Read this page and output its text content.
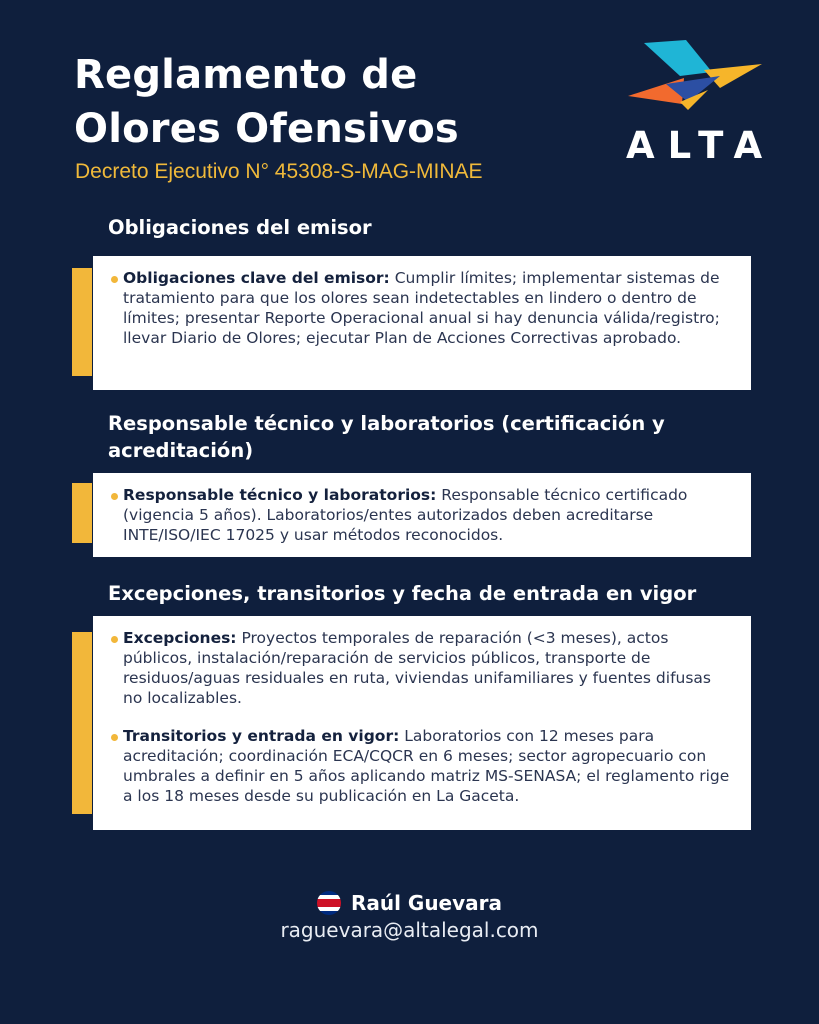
Reglamento de
Olores Ofensivos
Decreto Ejecutivo N° 45308-S-MAG-MINAE
ALTA
Obligaciones del emisor

Obligaciones clave del emisor: Cumplir límites; implementar sistemas de tratamiento para que los olores sean indetectables en lindero o dentro de límites; presentar Reporte Operacional anual si hay denuncia válida/registro; llevar Diario de Olores; ejecutar Plan de Acciones Correctivas aprobado.

Responsable técnico y laboratorios (certificación y acreditación)

Responsable técnico y laboratorios: Responsable técnico certificado (vigencia 5 años). Laboratorios/entes autorizados deben acreditarse INTE/ISO/IEC 17025 y usar métodos reconocidos.

Excepciones, transitorios y fecha de entrada en vigor

Excepciones: Proyectos temporales de reparación (<3 meses), actos públicos, instalación/reparación de servicios públicos, transporte de residuos/aguas residuales en ruta, viviendas unifamiliares y fuentes difusas no localizables.

Transitorios y entrada en vigor: Laboratorios con 12 meses para acreditación; coordinación ECA/CQCR en 6 meses; sector agropecuario con umbrales a definir en 5 años aplicando matriz MS-SENASA; el reglamento rige a los 18 meses desde su publicación en La Gaceta.

Raúl Guevara
raguevara@altalegal.com
